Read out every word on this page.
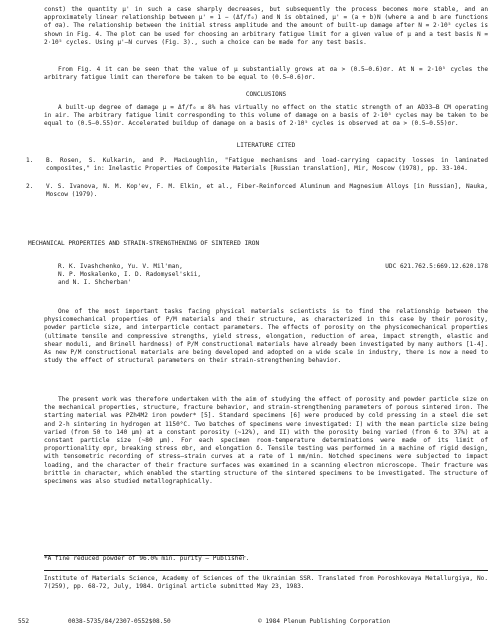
const) the quantity μ' in such a case sharply decreases, but subsequently the process becomes more stable, and an approximately linear relationship between μ' = 1 − (Δf/f₀) and N is obtained, μ' = (a + b)N (where a and b are functions of σa). The relationship between the initial stress amplitude and the amount of built-up damage after N = 2·10⁵ cycles is shown in Fig. 4. The plot can be used for choosing an arbitrary fatigue limit for a given value of μ and a test basis N = 2·10⁵ cycles. Using μ'—N curves (Fig. 3)., such a choice can be made for any test basis.

From Fig. 4 it can be seen that the value of μ substantially grows at σa > (0.5–0.6)σr. At N = 2·10⁵ cycles the arbitrary fatigue limit can therefore be taken to be equal to (0.5–0.6)σr.

CONCLUSIONS

A built-up degree of damage μ = Δf/f₀ ≤ 8% has virtually no effect on the static strength of an AD33—B CM operating in air. The arbitrary fatigue limit corresponding to this volume of damage on a basis of 2·10⁵ cycles may be taken to be equal to (0.5–0.55)σr. Accelerated buildup of damage on a basis of 2·10⁵ cycles is observed at σa > (0.5–0.55)σr.

LITERATURE CITED
1.	B. Rosen, S. Kulkarin, and P. MacLoughlin, "Fatigue mechanisms and load-carrying capacity losses in laminated composites," in: Inelastic Properties of Composite Materials [Russian translation], Mir, Moscow (1978), pp. 33-104.
2.	V. S. Ivanova, N. M. Kop'ev, F. M. Elkin, et al., Fiber-Reinforced Aluminum and Magnesium Alloys [in Russian], Nauka, Moscow (1979).
MECHANICAL PROPERTIES AND STRAIN-STRENGTHENING OF SINTERED IRON
R. K. Ivashchenko, Yu. V. Mil'man,	UDC 621.762.5:669.12.620.178
N. P. Moskalenko, I. D. Radomysel'skii,
and N. I. Shcherban'

One of the most important tasks facing physical materials scientists is to find the relationship between the physicomechanical properties of P/M materials and their structure, as characterized in this case by their porosity, powder particle size, and interparticle contact parameters. The effects of porosity on the physicomechanical properties (ultimate tensile and compressive strengths, yield stress, elongation, reduction of area, impact strength, elastic and shear moduli, and Brinell hardness) of P/M constructional materials have already been investigated by many authors [1-4]. As new P/M constructional materials are being developed and adopted on a wide scale in industry, there is now a need to study the effect of structural parameters on their strain-strengthening behavior.

The present work was therefore undertaken with the aim of studying the effect of porosity and powder particle size on the mechanical properties, structure, fracture behavior, and strain-strengthening parameters of porous sintered iron. The starting material was PZh4M2 iron powder* [5]. Standard specimens [6] were produced by cold pressing in a steel die set and 2-h sintering in hydrogen at 1150°C. Two batches of specimens were investigated: I) with the mean particle size being varied (from 50 to 140 μm) at a constant porosity (~12%), and II) with the porosity being varied (from 6 to 37%) at a constant particle size (~80 μm). For each specimen room-temperature determinations were made of its limit of proportionality σpr, breaking stress σbr, and elongation δ. Tensile testing was performed in a machine of rigid design, with tensometric recording of stress—strain curves at a rate of 1 mm/min. Notched specimens were subjected to impact loading, and the character of their fracture surfaces was examined in a scanning electron microscope. Their fracture was brittle in character, which enabled the starting structure of the sintered specimens to be investigated. The structure of specimens was also studied metallographically.

*A fine reduced powder of 96.0% min. purity — Publisher.

Institute of Materials Science, Academy of Sciences of the Ukrainian SSR. Translated from Poroshkovaya Metallurgiya, No. 7(259), pp. 68-72, July, 1984. Original article submitted May 23, 1983.

552	0038-5735/84/2307-0552$08.50	© 1984 Plenum Publishing Corporation
